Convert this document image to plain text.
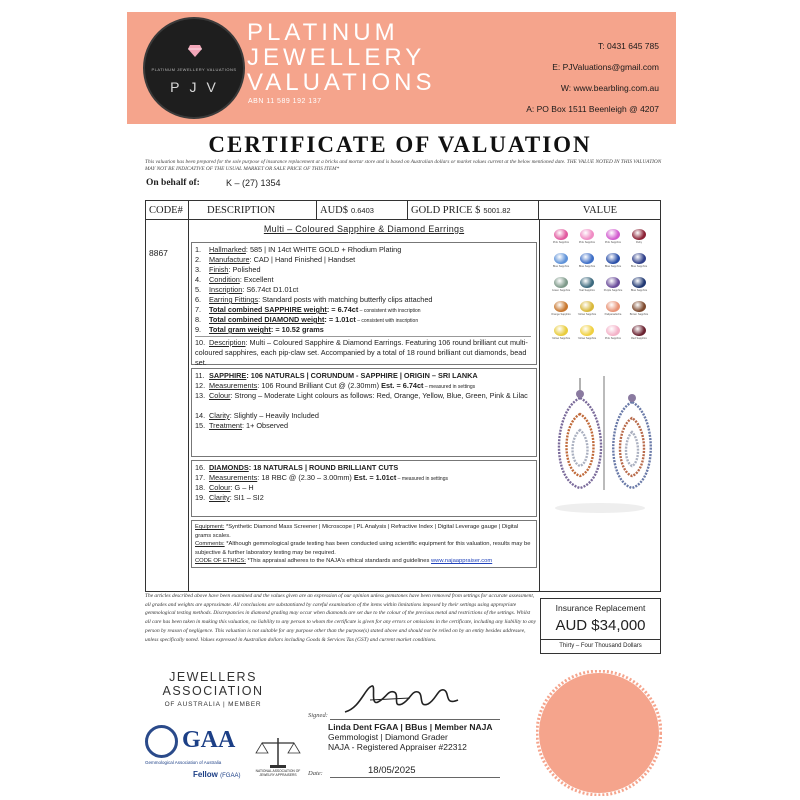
PLATINUM JEWELLERY VALUATIONS
PJV
PLATINUM
JEWELLERY
VALUATIONS
ABN 11 589 192 137
T: 0431 645 785
E: PJValuations@gmail.com
W: www.bearbling.com.au
A: PO Box 1511 Beenleigh @ 4207
CERTIFICATE OF VALUATION
This valuation has been prepared for the sole purpose of insurance replacement at a bricks and mortar store and is based on Australian dollars or market values current at the below mentioned date. THE VALUE NOTED IN THIS VALUATION MAY NOT BE INDICATIVE OF THE USUAL MARKET OR SALE PRICE OF THIS ITEM*
On behalf of:	K – (27) 1354
CODE#	DESCRIPTION	AUD$ 0.6403	GOLD PRICE $ 5001.82	VALUE
8867
Multi – Coloured Sapphire & Diamond Earrings
1. Hallmarked: 585 | IN 14ct WHITE GOLD + Rhodium Plating
2. Manufacture: CAD | Hand Finished | Handset
3. Finish: Polished
4. Condition: Excellent
5. Inscription: S6.74ct D1.01ct
6. Earring Fittings: Standard posts with matching butterfly clips attached
7. Total combined SAPPHIRE weight: = 6.74ct – consistent with inscription
8. Total combined DIAMOND weight: = 1.01ct – consistent with inscription
9. Total gram weight: = 10.52 grams
10. Description: Multi – Coloured Sapphire & Diamond Earrings. Featuring 106 round brilliant cut multi-coloured sapphires, each pip-claw set. Accompanied by a total of 18 round brilliant cut diamonds, bead set.
11. SAPPHIRE: 106 NATURALS | CORUNDUM - SAPPHIRE | ORIGIN – SRI LANKA
12. Measurements: 106 Round Brilliant Cut @ (2.30mm) Est. = 6.74ct – measured in settings
13. Colour: Strong – Moderate Light colours as follows: Red, Orange, Yellow, Blue, Green, Pink & Lilac
14. Clarity: Slightly – Heavily Included
15. Treatment: 1+ Observed
16. DIAMONDS: 18 NATURALS | ROUND BRILLIANT CUTS
17. Measurements: 18 RBC @ (2.30 – 3.00mm) Est. = 1.01ct – measured in settings
18. Colour: G – H
19. Clarity: SI1 – SI2
Equipment: *Synthetic Diamond Mass Screener | Microscope | PL Analysis | Refractive Index | Digital Leverage gauge | Digital grams scales.
Comments: *Although gemmological grade testing has been conducted using scientific equipment for this valuation, results may be subjective & further laboratory testing may be required.
CODE OF ETHICS: *This appraisal adheres to the NAJA's ethical standards and guidelines www.najaappraiser.com
Pink Sapphire	Pink Sapphire	Pink Sapphire	Ruby
Blue Sapphire	Blue Sapphire	Blue Sapphire	Blue Sapphire
Green Sapphire	Teal Sapphire	Purple Sapphire	Blue Sapphire
Orange Sapphire	Yellow Sapphire	Padparadscha	Brown Sapphire
Yellow Sapphire	Yellow Sapphire	Pink Sapphire	Red Sapphire
The articles described above have been examined and the values given are an expression of our opinion unless gemstones have been removed from settings for accurate assessment, all grades and weights are approximate. All conclusions are substantiated by careful examination of the items within limitations imposed by their settings using appropriate gemmological testing methods. Discrepancies in diamond grading may occur when diamonds are set due to the colour of the precious metal and restrictions of the settings. Whilst all care has been taken in making this valuation, no liability to any person to whom the certificate is given for any errors or omissions in the certificate, including any liability to any person by reason of negligence. This valuation is not suitable for any purpose other than the purpose(s) stated above and should not be relied on by an entity besides addressee, unless specifically noted. Values expressed in Australian dollars including Goods & Services Tax (GST) and current market conditions.
Insurance Replacement
AUD $34,000
Thirty – Four Thousand Dollars
JEWELLERS
ASSOCIATION
OF AUSTRALIA | MEMBER
GAA
Gemmological Association of Australia
Fellow (FGAA)
NATIONAL ASSOCIATION OF JEWELRY APPRAISERS
Signed:
Linda Dent FGAA | BBus | Member NAJA
Gemmologist | Diamond Grader
NAJA - Registered Appraiser #22312
Date:	18/05/2025
